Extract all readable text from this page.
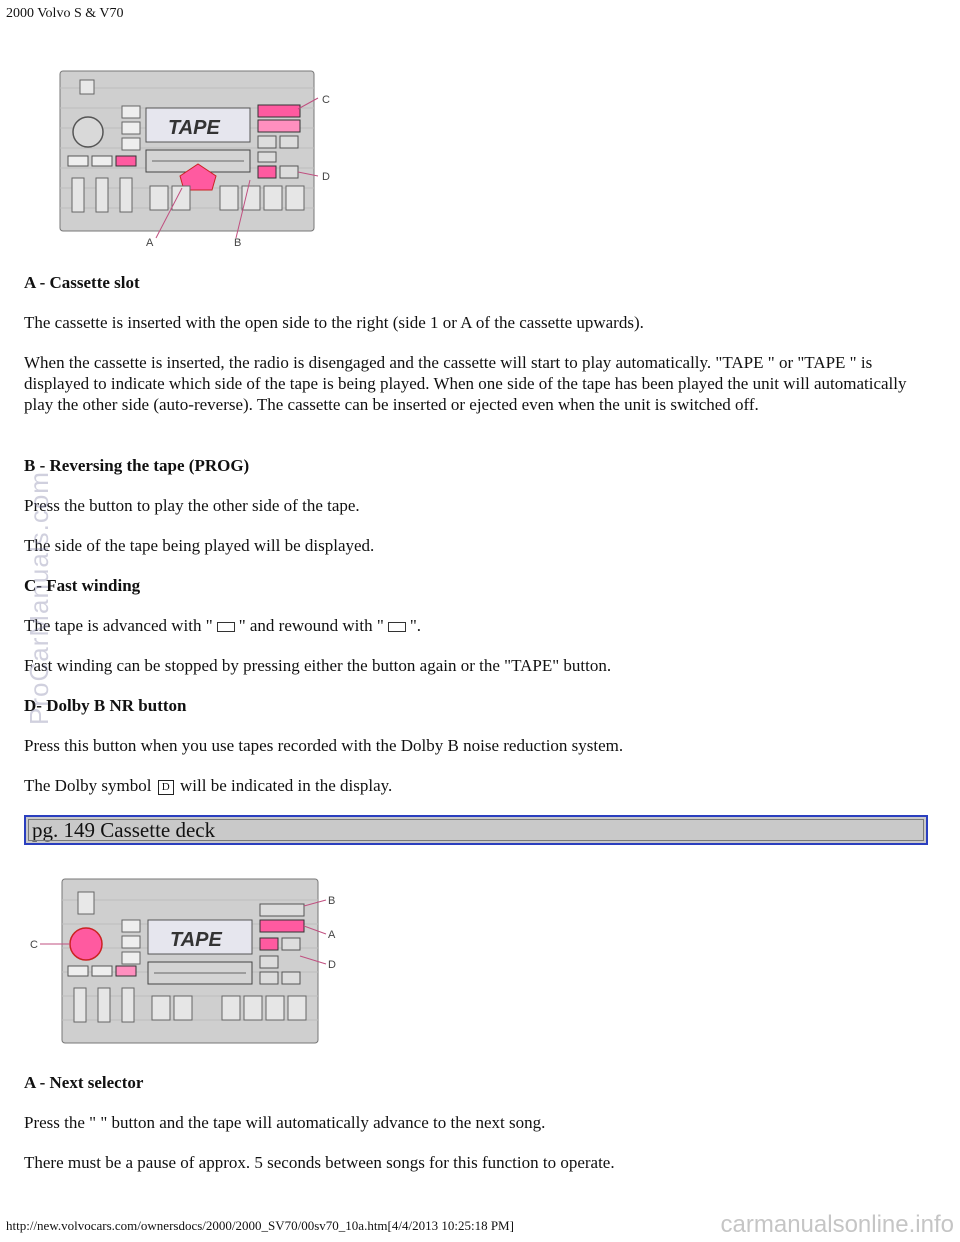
2000 Volvo S & V70
TAPE
C
D
A	B

A - Cassette slot

The cassette is inserted with the open side to the right (side 1 or A of the cassette upwards).

When the cassette is inserted, the radio is disengaged and the cassette will start to play automatically. "TAPE " or "TAPE " is displayed to indicate which side of the tape is being played. When one side of the tape has been played the unit will automatically play the other side (auto-reverse). The cassette can be inserted or ejected even when the unit is switched off.

B - Reversing the tape (PROG)

Press the button to play the other side of the tape.

The side of the tape being played will be displayed.

C- Fast winding

The tape is advanced with " " and rewound with " ".

Fast winding can be stopped by pressing either the button again or the "TAPE" button.

D- Dolby B NR button

Press this button when you use tapes recorded with the Dolby B noise reduction system.

The Dolby symbol D will be indicated in the display.

pg. 149 Cassette deck
TAPE
B
A
D
C

A - Next selector

Press the " " button and the tape will automatically advance to the next song.

There must be a pause of approx. 5 seconds between songs for this function to operate.

ProCarManuals.com
http://new.volvocars.com/ownersdocs/2000/2000_SV70/00sv70_10a.htm[4/4/2013 10:25:18 PM]	carmanualsonline.info
